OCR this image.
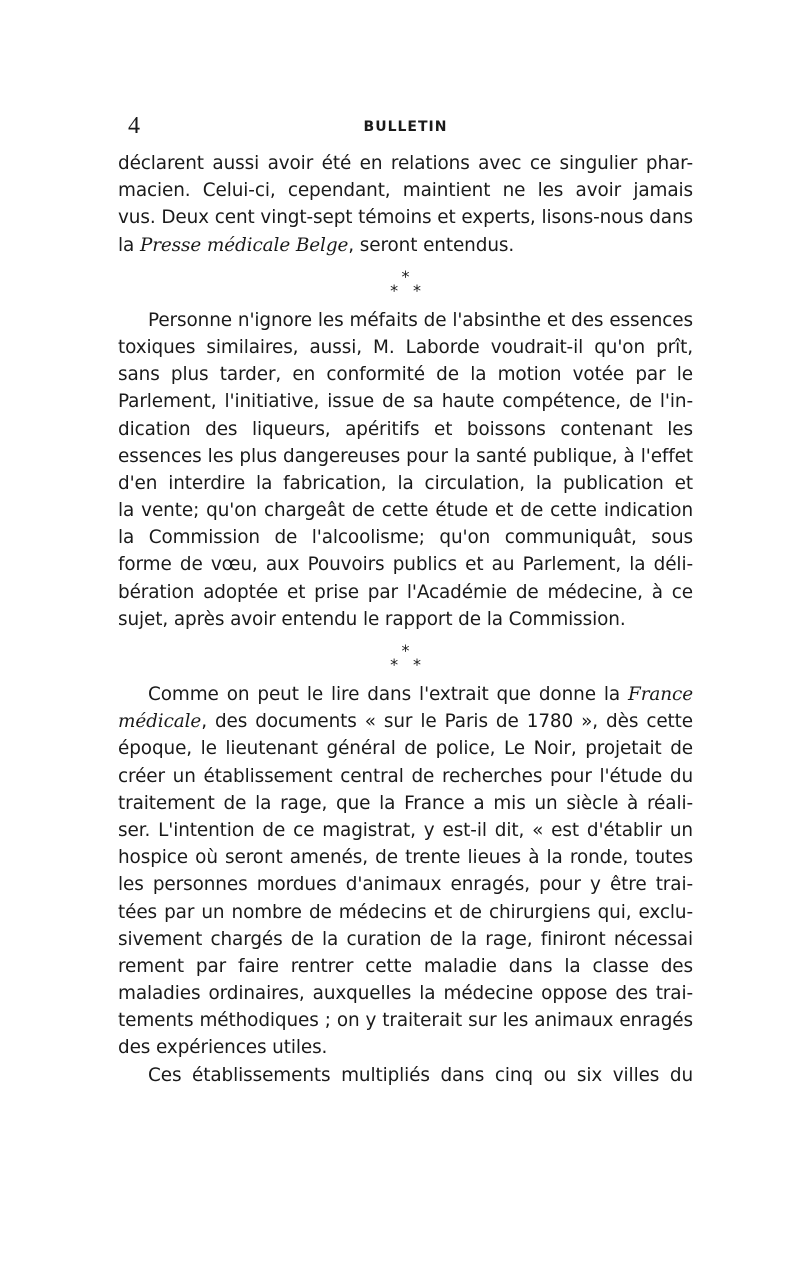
4	BULLETIN
déclarent aussi avoir été en relations avec ce singulier phar-
macien. Celui-ci, cependant, maintient ne les avoir jamais
vus. Deux cent vingt-sept témoins et experts, lisons-nous dans
la Presse médicale Belge, seront entendus.
*
* *
Personne n'ignore les méfaits de l'absinthe et des essences
toxiques similaires, aussi, M. Laborde voudrait-il qu'on prît,
sans plus tarder, en conformité de la motion votée par le
Parlement, l'initiative, issue de sa haute compétence, de l'in-
dication des liqueurs, apéritifs et boissons contenant les
essences les plus dangereuses pour la santé publique, à l'effet
d'en interdire la fabrication, la circulation, la publication et
la vente; qu'on chargeât de cette étude et de cette indication
la Commission de l'alcoolisme; qu'on communiquât, sous
forme de vœu, aux Pouvoirs publics et au Parlement, la déli-
bération adoptée et prise par l'Académie de médecine, à ce
sujet, après avoir entendu le rapport de la Commission.
*
* *
Comme on peut le lire dans l'extrait que donne la France
médicale, des documents « sur le Paris de 1780 », dès cette
époque, le lieutenant général de police, Le Noir, projetait de
créer un établissement central de recherches pour l'étude du
traitement de la rage, que la France a mis un siècle à réali-
ser. L'intention de ce magistrat, y est-il dit, « est d'établir un
hospice où seront amenés, de trente lieues à la ronde, toutes
les personnes mordues d'animaux enragés, pour y être trai-
tées par un nombre de médecins et de chirurgiens qui, exclu-
sivement chargés de la curation de la rage, finiront nécessai
rement par faire rentrer cette maladie dans la classe des
maladies ordinaires, auxquelles la médecine oppose des trai-
tements méthodiques ; on y traiterait sur les animaux enragés
des expériences utiles.
Ces établissements multipliés dans cinq ou six villes du
